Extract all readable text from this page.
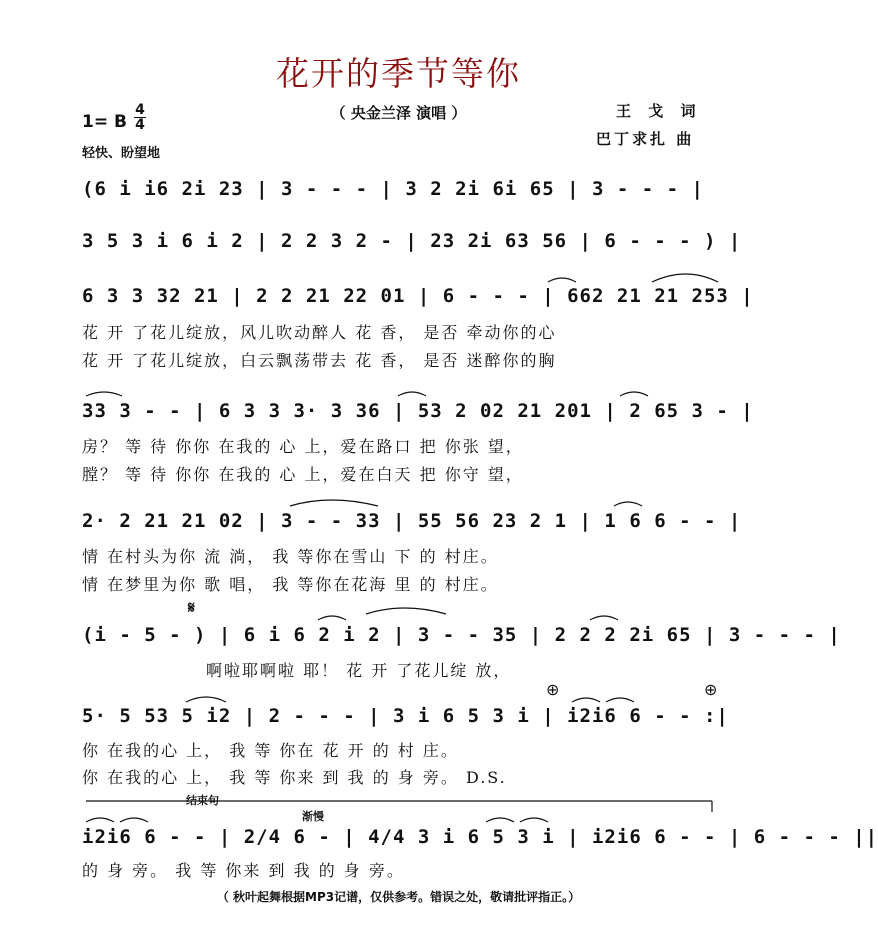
花开的季节等你
（ 央金兰泽 演唱 ）
1= B
4
4
轻快、盼望地
王 戈 词
巴丁求扎 曲
(6 i i6 2i 23 | 3 - - - | 3 2 2i 6i 65 | 3 - - - |
3 5 3 i 6 i 2 | 2 2 3 2 - | 23 2i 63 56 | 6 - - - ) |
6 3 3 32 21 | 2 2 21 22 01 | 6 - - - | 662 21 21 253 |
花 开 了花儿绽放，风儿吹动醉人 花 香， 是否 牵动你的心
花 开 了花儿绽放，白云飘荡带去 花 香， 是否 迷醉你的胸
33 3 - - | 6 3 3 3· 3 36 | 53 2 02 21 201 | 2 65 3 - |
房？ 等 待 你你 在我的 心 上，爱在路口 把 你张 望，
膛？ 等 待 你你 在我的 心 上，爱在白天 把 你守 望，
2· 2 21 21 02 | 3 - - 33 | 55 56 23 2 1 | 1 6 6 - - |
情 在村头为你 流 淌， 我 等你在雪山 下 的 村庄。
情 在梦里为你 歌 唱， 我 等你在花海 里 的 村庄。
𝄋
(i - 5 - ) | 6 i 6 2 i 2 | 3 - - 35 | 2 2 2 2i 65 | 3 - - - |
啊啦耶啊啦 耶！ 花 开 了花儿绽 放，
⊕	⊕
5· 5 53 5 i2 | 2 - - - | 3 i 6 5 3 i | i2i6 6 - - :|
你 在我的心 上， 我 等 你在 花 开 的 村 庄。
你 在我的心 上， 我 等 你来 到 我 的 身 旁。 D.S.
结束句
渐慢
i2i6 6 - - | 2/4 6 - | 4/4 3 i 6 5 3 i | i2i6 6 - - | 6 - - - ||
的 身 旁。 我 等 你来 到 我 的 身 旁。
（ 秋叶起舞根据MP3记谱，仅供参考。错误之处，敬请批评指正。）
